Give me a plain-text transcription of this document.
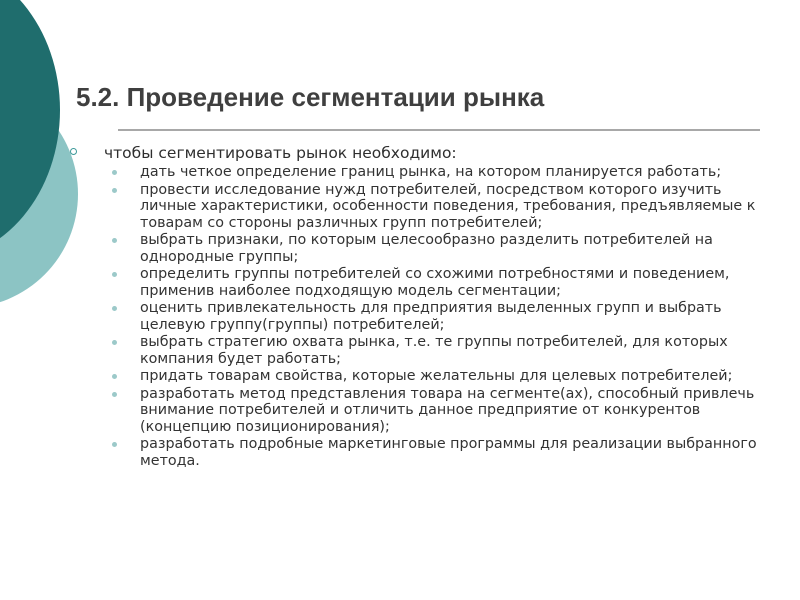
5.2. Проведение сегментации рынка
чтобы сегментировать рынок необходимо:
дать четкое определение границ рынка, на котором планируется работать;
провести исследование нужд потребителей, посредством которого изучить личные характеристики, особенности поведения, требования, предъявляемые к товарам со стороны различных групп потребителей;
выбрать признаки, по которым целесообразно разделить потребителей на однородные группы;
определить группы потребителей со схожими потребностями и поведением, применив наиболее подходящую модель сегментации;
оценить привлекательность для предприятия выделенных групп и выбрать целевую группу(группы) потребителей;
выбрать стратегию охвата рынка, т.е. те группы потребителей, для которых компания будет работать;
придать товарам свойства, которые желательны для целевых потребителей;
разработать метод представления товара на сегменте(ах), способный привлечь внимание потребителей и отличить данное предприятие от конкурентов (концепцию позиционирования);
разработать подробные маркетинговые программы для реализации выбранного метода.
